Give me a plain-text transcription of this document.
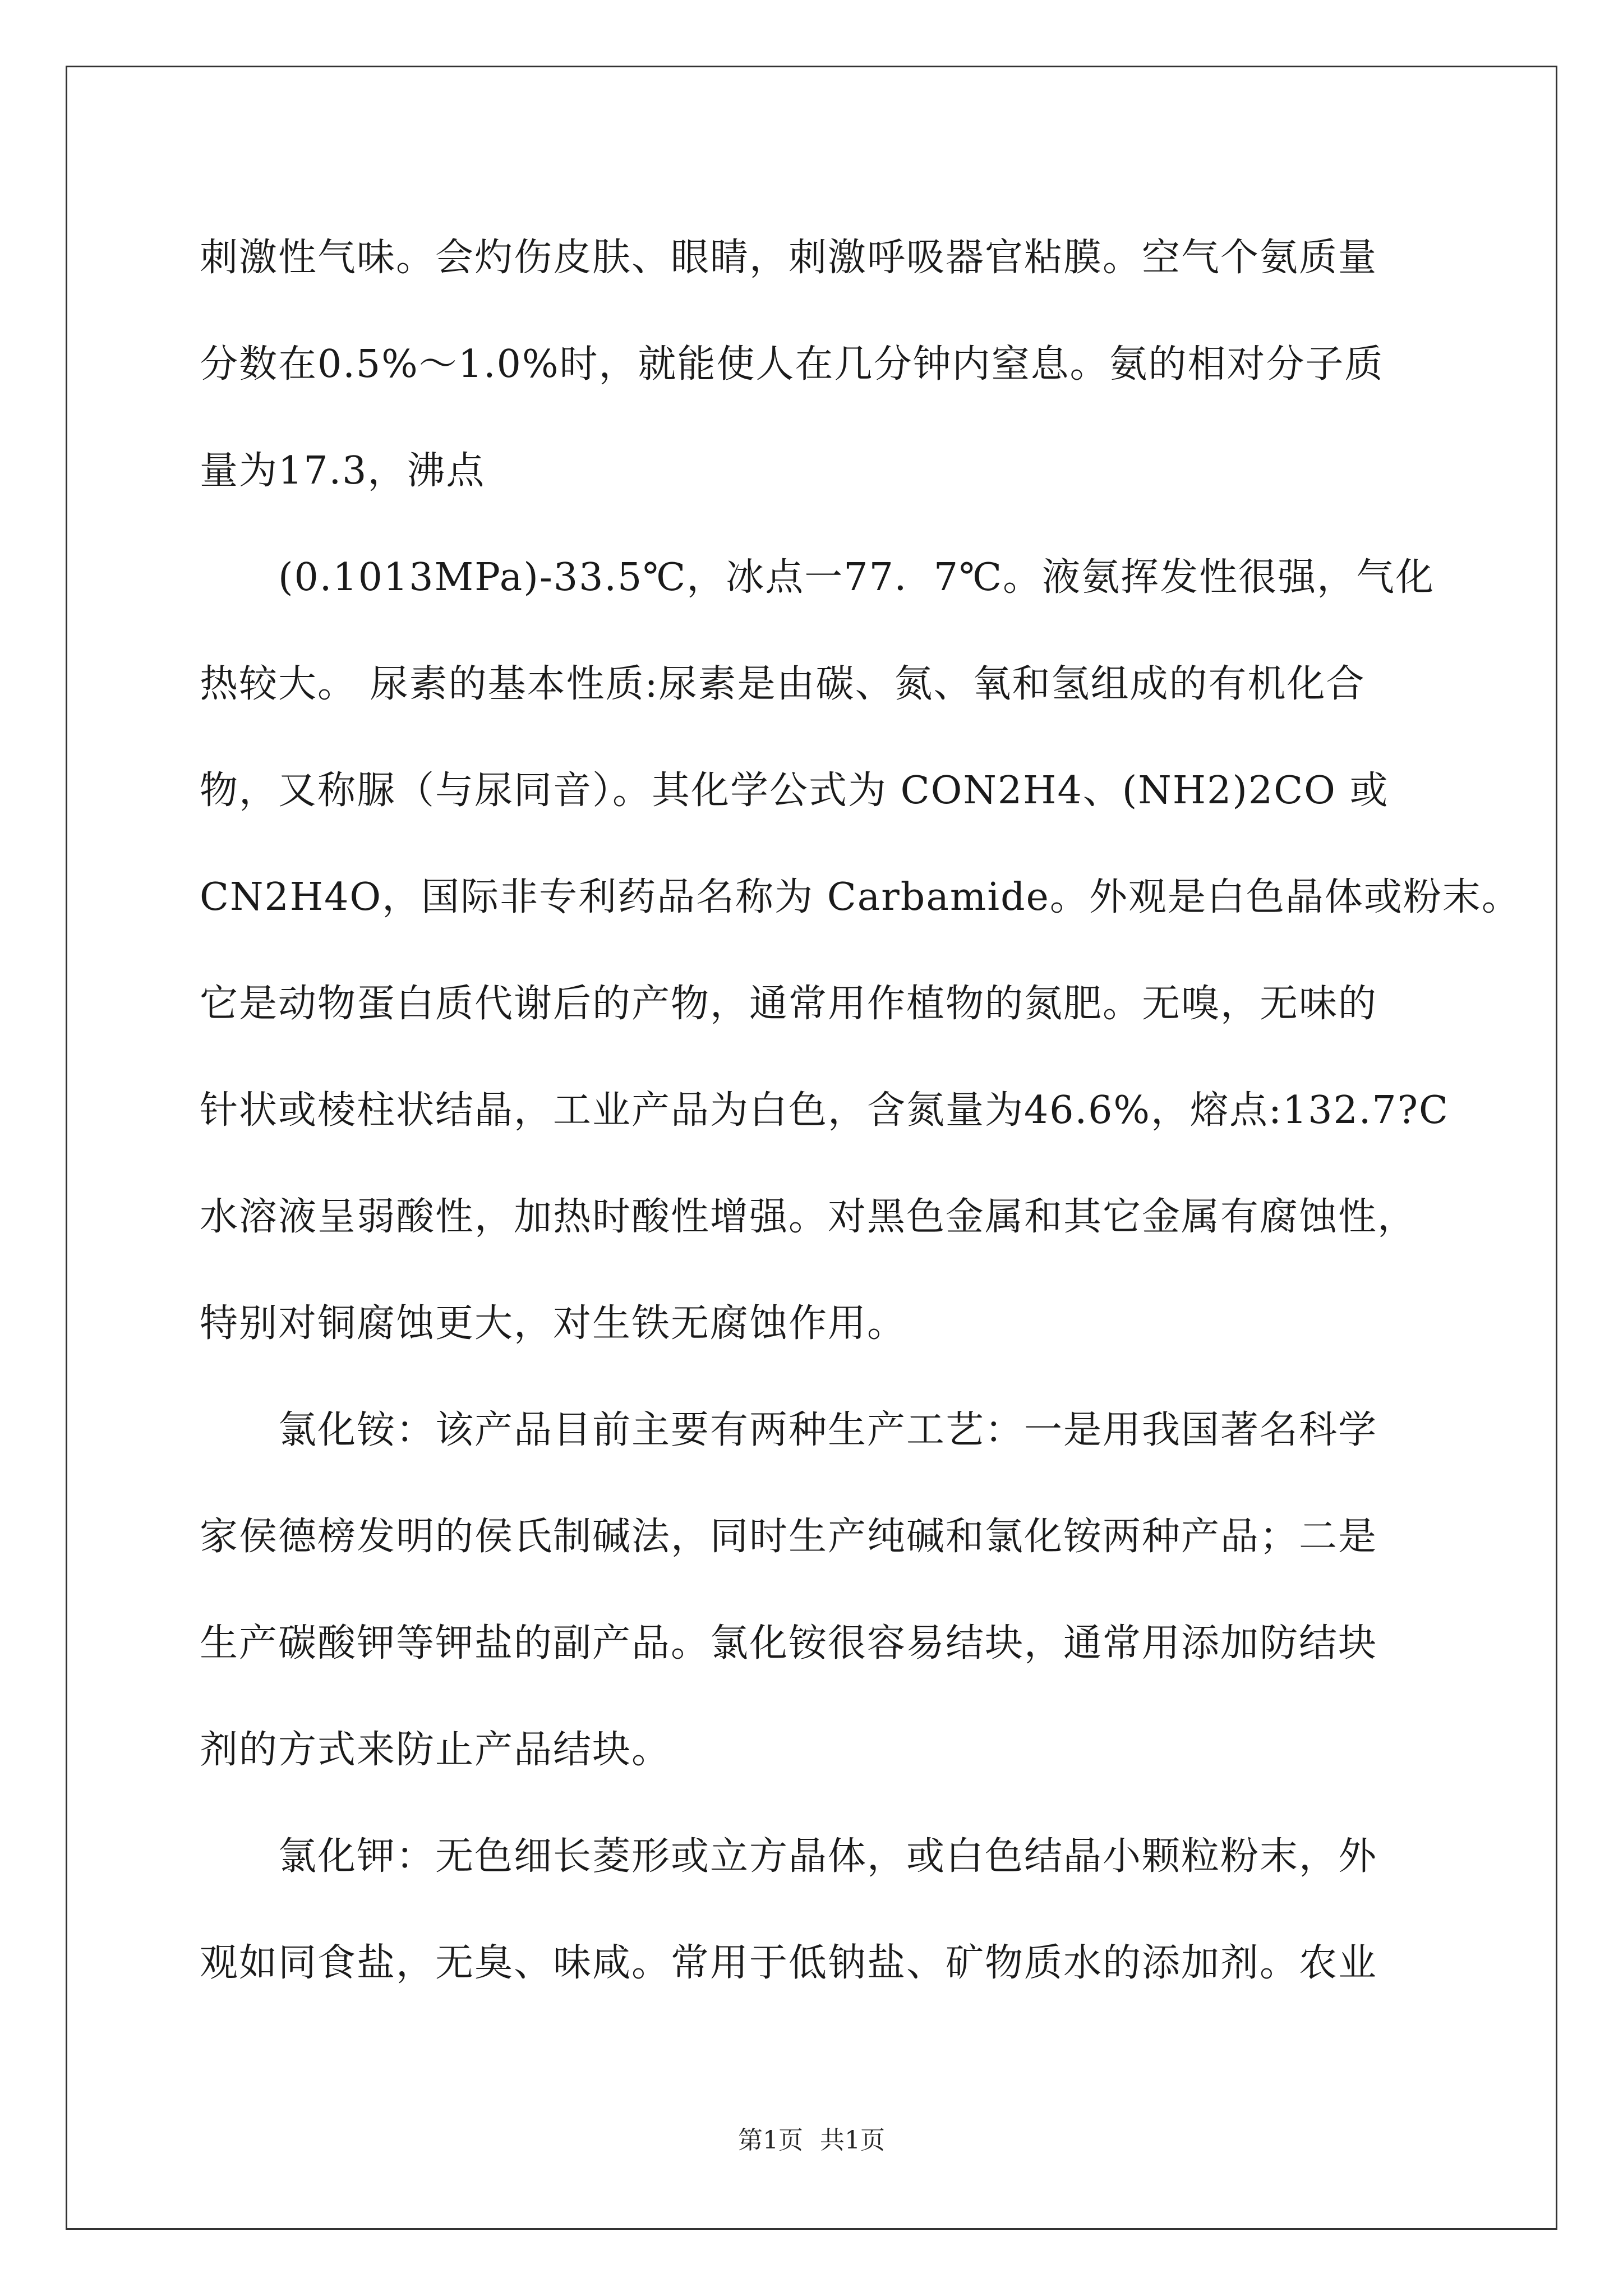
刺激性气味。会灼伤皮肤、眼睛，刺激呼吸器官粘膜。空气个氨质量
分数在0.5%～1.0%时，就能使人在几分钟内窒息。氨的相对分子质
量为17.3，沸点
　　(0.1013MPa)-33.5℃，冰点一77．7℃。液氨挥发性很强，气化
热较大。 尿素的基本性质:尿素是由碳、氮、氧和氢组成的有机化合
物，又称脲（与尿同音）。其化学公式为 CON2H4、(NH2)2CO 或
CN2H4O，国际非专利药品名称为 Carbamide。外观是白色晶体或粉末。
它是动物蛋白质代谢后的产物，通常用作植物的氮肥。无嗅，无味的
针状或棱柱状结晶，工业产品为白色，含氮量为46.6%，熔点:132.7?C
水溶液呈弱酸性，加热时酸性增强。对黑色金属和其它金属有腐蚀性，
特别对铜腐蚀更大，对生铁无腐蚀作用。
　　氯化铵：该产品目前主要有两种生产工艺：一是用我国著名科学
家侯德榜发明的侯氏制碱法，同时生产纯碱和氯化铵两种产品；二是
生产碳酸钾等钾盐的副产品。氯化铵很容易结块，通常用添加防结块
剂的方式来防止产品结块。
　　氯化钾：无色细长菱形或立方晶体，或白色结晶小颗粒粉末，外
观如同食盐，无臭、味咸。常用于低钠盐、矿物质水的添加剂。农业
第1页 共1页
